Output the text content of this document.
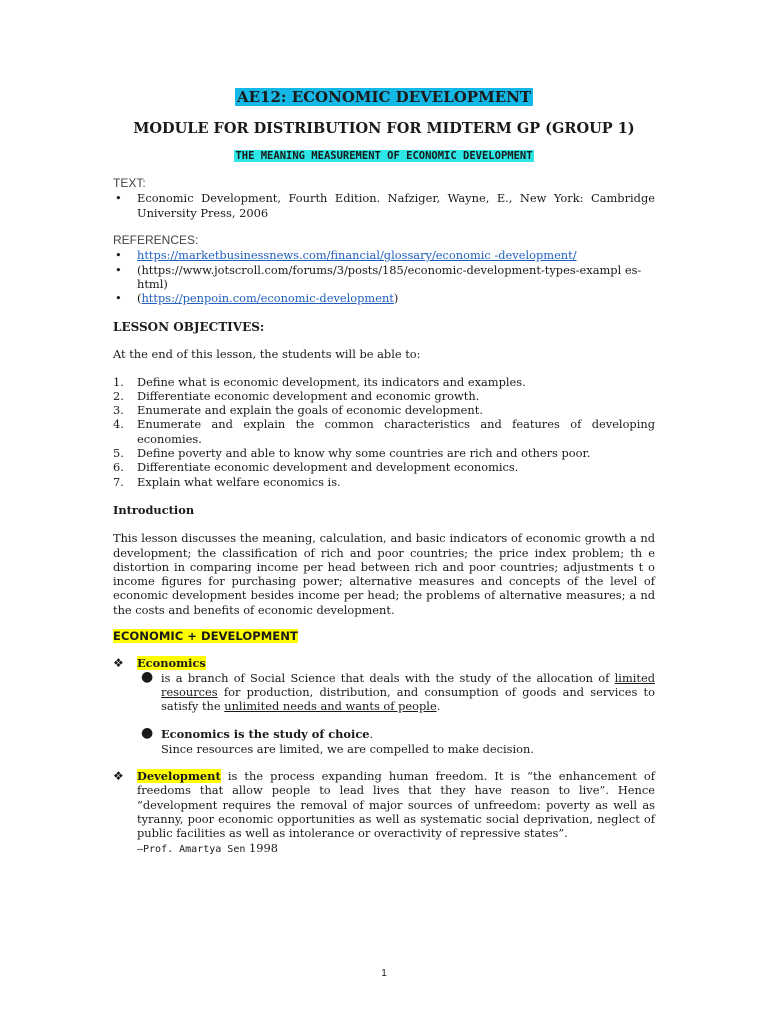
AE12: ECONOMIC DEVELOPMENT
MODULE FOR DISTRIBUTION FOR MIDTERM GP (GROUP 1)
THE MEANING MEASUREMENT OF ECONOMIC DEVELOPMENT
TEXT:
• Economic Development, Fourth Edition. Nafziger, Wayne, E., New York: Cambridge University Press, 2006
REFERENCES:
• https://marketbusinessnews.com/financial/glossary/economic -development/
• (https://www.jotscroll.com/forums/3/posts/185/economic-development-types-exampl es-html)
• (https://penpoin.com/economic-development)
LESSON OBJECTIVES:
At the end of this lesson, the students will be able to:
1. Define what is economic development, its indicators and examples.
2. Differentiate economic development and economic growth.
3. Enumerate and explain the goals of economic development.
4. Enumerate and explain the common characteristics and features of developing economies.
5. Define poverty and able to know why some countries are rich and others poor.
6. Differentiate economic development and development economics.
7. Explain what welfare economics is.
Introduction
This lesson discusses the meaning, calculation, and basic indicators of economic growth a nd development; the classification of rich and poor countries; the price index problem; th e distortion in comparing income per head between rich and poor countries; adjustments t o income figures for purchasing power; alternative measures and concepts of the level of economic development besides income per head; the problems of alternative measures; a nd the costs and benefits of economic development.
ECONOMIC + DEVELOPMENT
❖ Economics
● is a branch of Social Science that deals with the study of the allocation of limited resources for production, distribution, and consumption of goods and services to satisfy the unlimited needs and wants of people.
● Economics is the study of choice.
Since resources are limited, we are compelled to make decision.
❖ Development is the process expanding human freedom. It is “the enhancement of freedoms that allow people to lead lives that they have reason to live”. Hence “development requires the removal of major sources of unfreedom: poverty as well as tyranny, poor economic opportunities as well as systematic social deprivation, neglect of public facilities as well as intolerance or overactivity of repressive states”.
—Prof. Amartya Sen 1998
1
